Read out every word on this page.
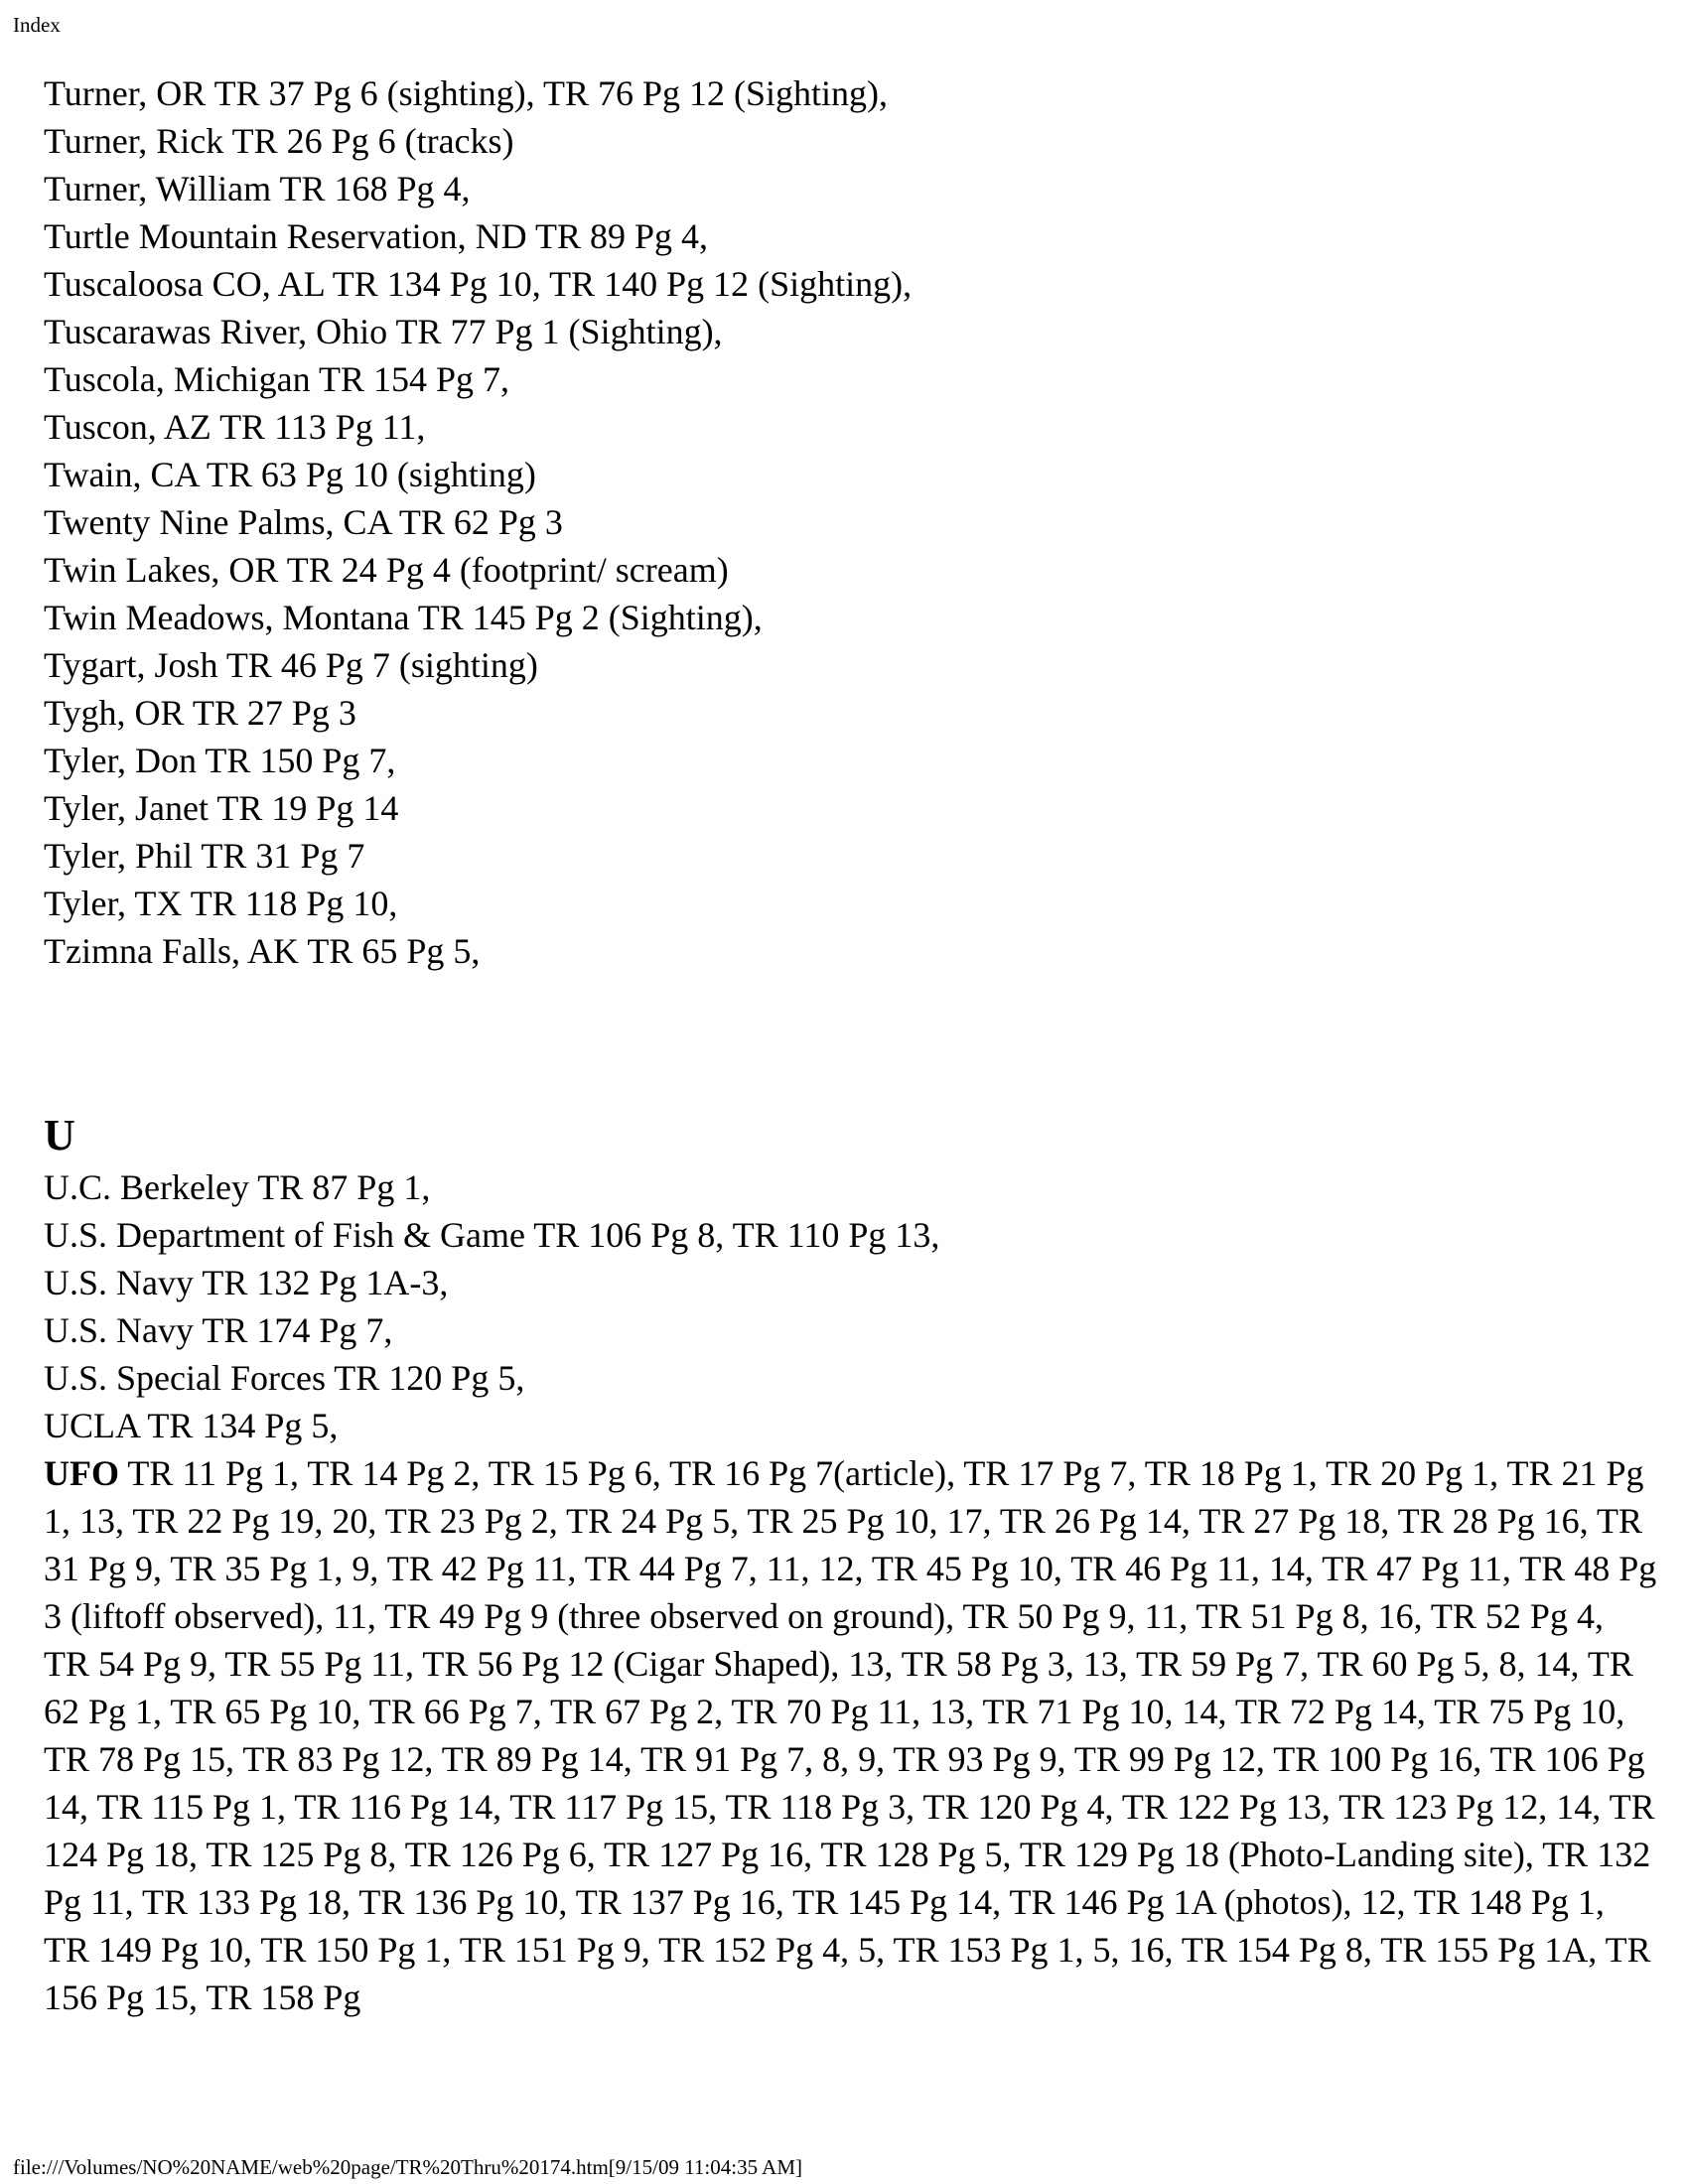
Index
Turner, OR TR 37 Pg 6 (sighting), TR 76 Pg 12 (Sighting),
Turner, Rick TR 26 Pg 6 (tracks)
Turner, William TR 168 Pg 4,
Turtle Mountain Reservation, ND TR 89 Pg 4,
Tuscaloosa CO, AL TR 134 Pg 10, TR 140 Pg 12 (Sighting),
Tuscarawas River, Ohio TR 77 Pg 1 (Sighting),
Tuscola, Michigan TR 154 Pg 7,
Tuscon, AZ TR 113 Pg 11,
Twain, CA TR 63 Pg 10 (sighting)
Twenty Nine Palms, CA TR 62 Pg 3
Twin Lakes, OR TR 24 Pg 4 (footprint/ scream)
Twin Meadows, Montana TR 145 Pg 2 (Sighting),
Tygart, Josh TR 46 Pg 7 (sighting)
Tygh, OR TR 27 Pg 3
Tyler, Don TR 150 Pg 7,
Tyler, Janet TR 19 Pg 14
Tyler, Phil TR 31 Pg 7
Tyler, TX TR 118 Pg 10,
Tzimna Falls, AK TR 65 Pg 5,
U
U.C. Berkeley TR 87 Pg 1,
U.S. Department of Fish & Game TR 106 Pg 8, TR 110 Pg 13,
U.S. Navy TR 132 Pg 1A-3,
U.S. Navy TR 174 Pg 7,
U.S. Special Forces TR 120 Pg 5,
UCLA TR 134 Pg 5,
UFO TR 11 Pg 1, TR 14 Pg 2, TR 15 Pg 6, TR 16 Pg 7(article), TR 17 Pg 7, TR 18 Pg 1, TR 20 Pg 1, TR 21 Pg 1, 13, TR 22 Pg 19, 20, TR 23 Pg 2, TR 24 Pg 5, TR 25 Pg 10, 17, TR 26 Pg 14, TR 27 Pg 18, TR 28 Pg 16, TR 31 Pg 9, TR 35 Pg 1, 9, TR 42 Pg 11, TR 44 Pg 7, 11, 12, TR 45 Pg 10, TR 46 Pg 11, 14, TR 47 Pg 11, TR 48 Pg 3 (liftoff observed), 11, TR 49 Pg 9 (three observed on ground), TR 50 Pg 9, 11, TR 51 Pg 8, 16, TR 52 Pg 4, TR 54 Pg 9, TR 55 Pg 11, TR 56 Pg 12 (Cigar Shaped), 13, TR 58 Pg 3, 13, TR 59 Pg 7, TR 60 Pg 5, 8, 14, TR 62 Pg 1, TR 65 Pg 10, TR 66 Pg 7, TR 67 Pg 2, TR 70 Pg 11, 13, TR 71 Pg 10, 14, TR 72 Pg 14, TR 75 Pg 10, TR 78 Pg 15, TR 83 Pg 12, TR 89 Pg 14, TR 91 Pg 7, 8, 9, TR 93 Pg 9, TR 99 Pg 12, TR 100 Pg 16, TR 106 Pg 14, TR 115 Pg 1, TR 116 Pg 14, TR 117 Pg 15, TR 118 Pg 3, TR 120 Pg 4, TR 122 Pg 13, TR 123 Pg 12, 14, TR 124 Pg 18, TR 125 Pg 8, TR 126 Pg 6, TR 127 Pg 16, TR 128 Pg 5, TR 129 Pg 18 (Photo-Landing site), TR 132 Pg 11, TR 133 Pg 18, TR 136 Pg 10, TR 137 Pg 16, TR 145 Pg 14, TR 146 Pg 1A (photos), 12, TR 148 Pg 1, TR 149 Pg 10, TR 150 Pg 1, TR 151 Pg 9, TR 152 Pg 4, 5, TR 153 Pg 1, 5, 16, TR 154 Pg 8, TR 155 Pg 1A, TR 156 Pg 15, TR 158 Pg
file:///Volumes/NO%20NAME/web%20page/TR%20Thru%20174.htm[9/15/09 11:04:35 AM]
